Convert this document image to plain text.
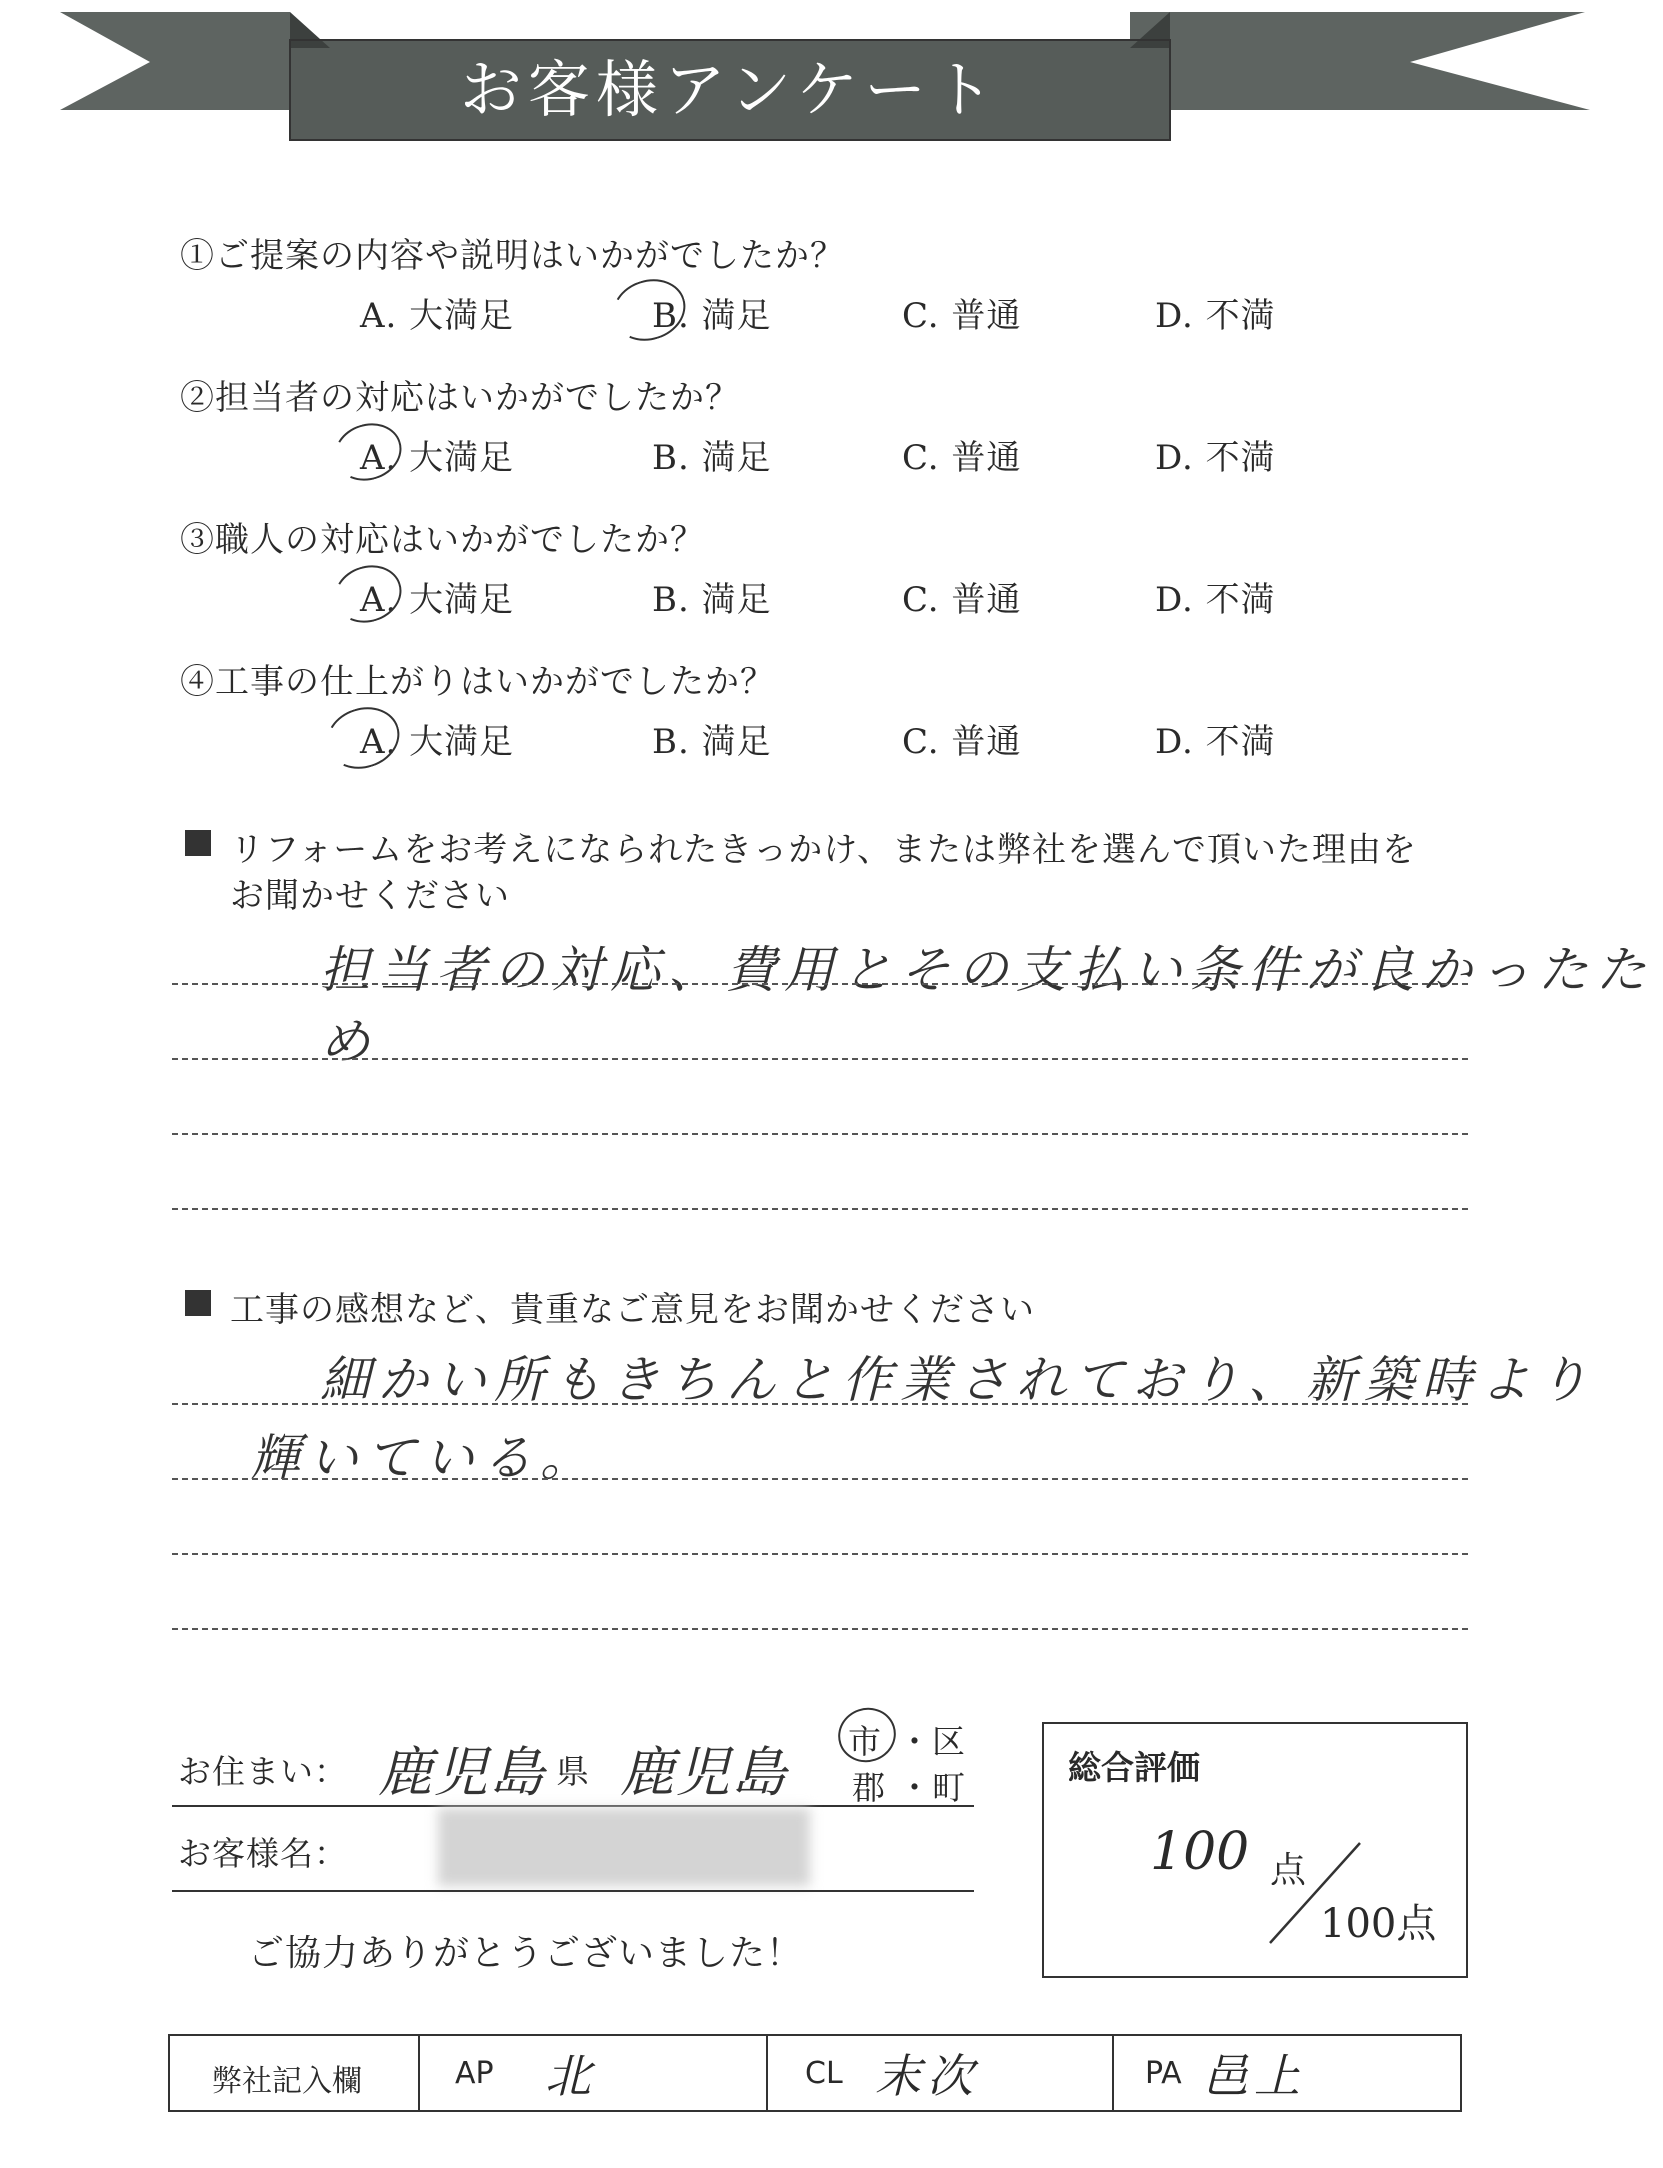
お客様アンケート
①ご提案の内容や説明はいかがでしたか？
A. 大満足	B. 満足	C. 普通	D. 不満
②担当者の対応はいかがでしたか？
A. 大満足	B. 満足	C. 普通	D. 不満
③職人の対応はいかがでしたか？
A. 大満足	B. 満足	C. 普通	D. 不満
④工事の仕上がりはいかがでしたか？
A. 大満足	B. 満足	C. 普通	D. 不満
リフォームをお考えになられたきっかけ、または弊社を選んで頂いた理由を
お聞かせください
担当者の対応、費用とその支払い条件が良かったため
工事の感想など、貴重なご意見をお聞かせください
細かい所もきちんと作業されており、新築時より
輝いている。
お住まい： 鹿児島 県 鹿児島 市 ・区
郡 ・町
お客様名：
ご協力ありがとうございました！
総合評価
100 点
100点
弊社記入欄	AP 北	CL 末次	PA 邑上
